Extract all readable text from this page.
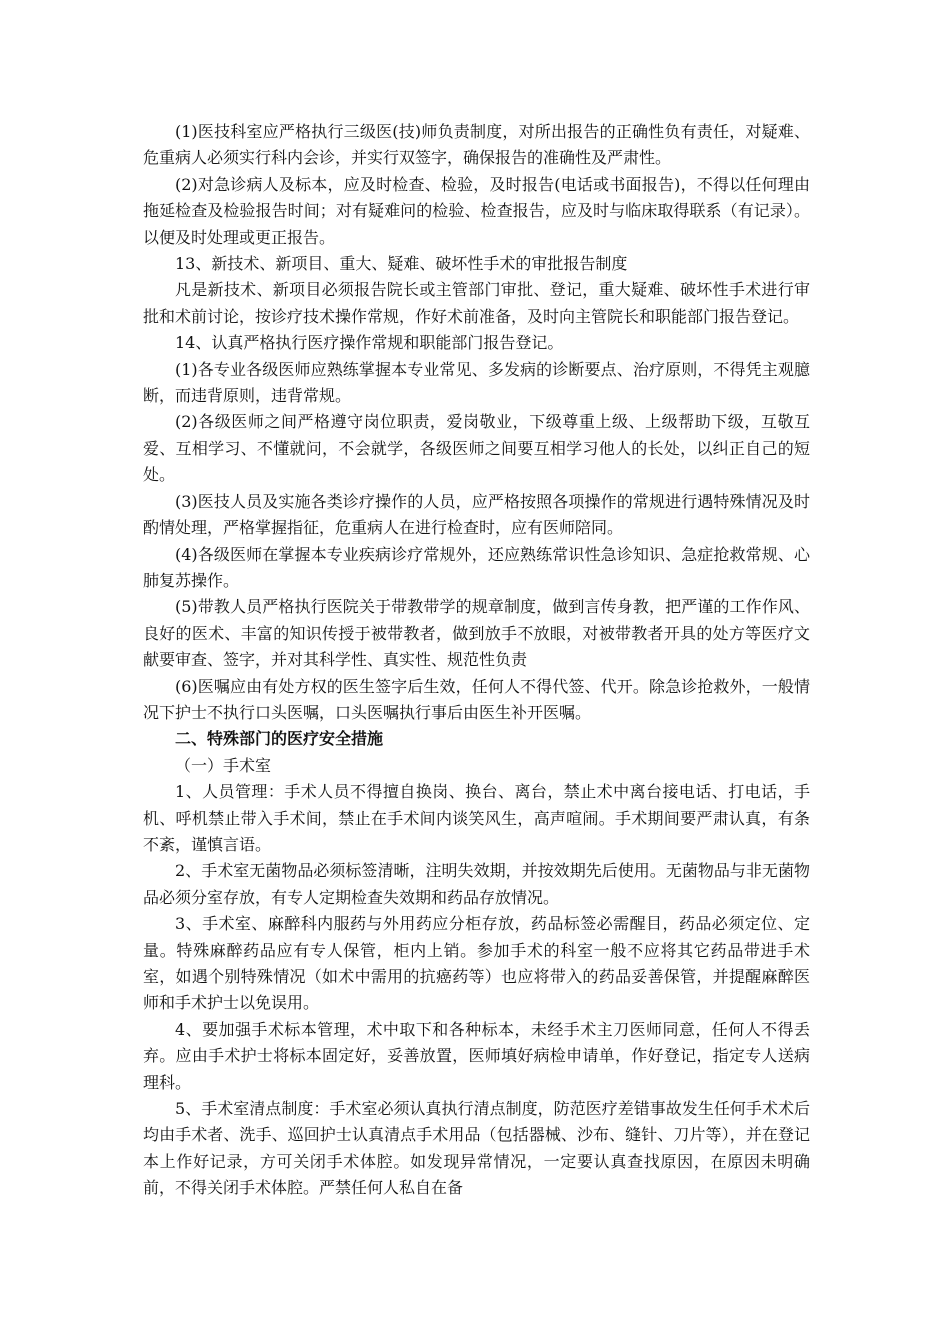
(1)医技科室应严格执行三级医(技)师负责制度，对所出报告的正确性负有责任，对疑难、危重病人必须实行科内会诊，并实行双签字，确保报告的准确性及严肃性。

(2)对急诊病人及标本，应及时检查、检验，及时报告(电话或书面报告)，不得以任何理由拖延检查及检验报告时间；对有疑难问的检验、检查报告，应及时与临床取得联系（有记录）。以便及时处理或更正报告。

13、新技术、新项目、重大、疑难、破坏性手术的审批报告制度

凡是新技术、新项目必须报告院长或主管部门审批、登记，重大疑难、破坏性手术进行审批和术前讨论，按诊疗技术操作常规，作好术前准备，及时向主管院长和职能部门报告登记。

14、认真严格执行医疗操作常规和职能部门报告登记。

(1)各专业各级医师应熟练掌握本专业常见、多发病的诊断要点、治疗原则，不得凭主观臆断，而违背原则，违背常规。

(2)各级医师之间严格遵守岗位职责，爱岗敬业，下级尊重上级、上级帮助下级，互敬互爱、互相学习、不懂就问，不会就学，各级医师之间要互相学习他人的长处，以纠正自己的短处。

(3)医技人员及实施各类诊疗操作的人员，应严格按照各项操作的常规进行遇特殊情况及时酌情处理，严格掌握指征，危重病人在进行检查时，应有医师陪同。

(4)各级医师在掌握本专业疾病诊疗常规外，还应熟练常识性急诊知识、急症抢救常规、心肺复苏操作。

(5)带教人员严格执行医院关于带教带学的规章制度，做到言传身教，把严谨的工作作风、良好的医术、丰富的知识传授于被带教者，做到放手不放眼，对被带教者开具的处方等医疗文献要审查、签字，并对其科学性、真实性、规范性负责

(6)医嘱应由有处方权的医生签字后生效，任何人不得代签、代开。除急诊抢救外，一般情况下护士不执行口头医嘱，口头医嘱执行事后由医生补开医嘱。

二、特殊部门的医疗安全措施

（一）手术室

1、人员管理：手术人员不得擅自换岗、换台、离台，禁止术中离台接电话、打电话，手机、呼机禁止带入手术间，禁止在手术间内谈笑风生，高声喧闹。手术期间要严肃认真，有条不紊，谨慎言语。

2、手术室无菌物品必须标签清晰，注明失效期，并按效期先后使用。无菌物品与非无菌物品必须分室存放，有专人定期检查失效期和药品存放情况。

3、手术室、麻醉科内服药与外用药应分柜存放，药品标签必需醒目，药品必须定位、定量。特殊麻醉药品应有专人保管，柜内上销。参加手术的科室一般不应将其它药品带进手术室，如遇个别特殊情况（如术中需用的抗癌药等）也应将带入的药品妥善保管，并提醒麻醉医师和手术护士以免误用。

4、要加强手术标本管理，术中取下和各种标本，未经手术主刀医师同意，任何人不得丢弃。应由手术护士将标本固定好，妥善放置，医师填好病检申请单，作好登记，指定专人送病理科。

5、手术室清点制度：手术室必须认真执行清点制度，防范医疗差错事故发生任何手术术后均由手术者、洗手、巡回护士认真清点手术用品（包括器械、沙布、缝针、刀片等），并在登记本上作好记录，方可关闭手术体腔。如发现异常情况，一定要认真查找原因，在原因未明确前，不得关闭手术体腔。严禁任何人私自在备
